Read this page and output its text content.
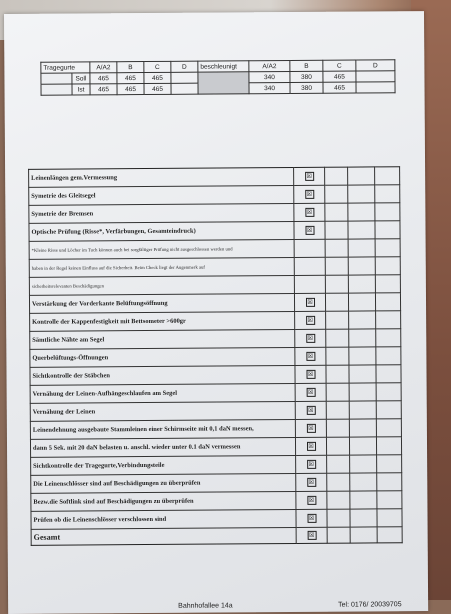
Tragegurte		A/A2	B	C	D	beschleunigt	A/A2	B	C	D
	Soll	465	465	465			340	380	465	
	Ist	465	465	465			340	380	465	
Leinenlängen gem.Vermessung	☒			
Symetrie des Gleitsegel	☒			
Symetrie der Bremsen	☒			
Optische Prüfung (Risse*, Verfärbungen, Gesamteindruck)	☒			
*Kleine Risse und Löcher im Tuch können auch bei sorgfältiger Prüfung nicht ausgeschlossen werden und				
haben in der Regel keinen Einfluss auf die Sicherheit. Beim Check liegt der Augenmerk auf				
sicherheitsrelevanten Beschädigungen				
Verstärkung der Vorderkante Belüftungsöffnung	☒			
Kontrolle der Kappenfestigkeit mit Bettsometer >600gr	☒			
Sämtliche Nähte am Segel	☒			
Querbelüftungs-Öffnungen	☒			
Sichtkontrolle der Stäbchen	☒			
Vernähung der Leinen-Aufhängeschlaufen am Segel	☒			
Vernähung der Leinen	☒			
Leinendehnung ausgebaute Stammleinen einer Schirmseite mit 0,1 daN messen,	☒			
dann 5 Sek. mit 20 daN belasten u. anschl. wieder unter 0.1 daN vermessen	☒			
Sichtkontrolle der Tragegurte,Verbindungsteile	☒			
Die Leinenschlösser sind auf Beschädigungen zu überprüfen	☒			
Bezw.die Softlink sind auf Beschädigungen zu überprüfen	☒			
Prüfen ob die Leinenschlösser verschlossen sind	☒			
Gesamt	☒			
Bahnhofallee 14a	Tel: 0176/ 20039705
